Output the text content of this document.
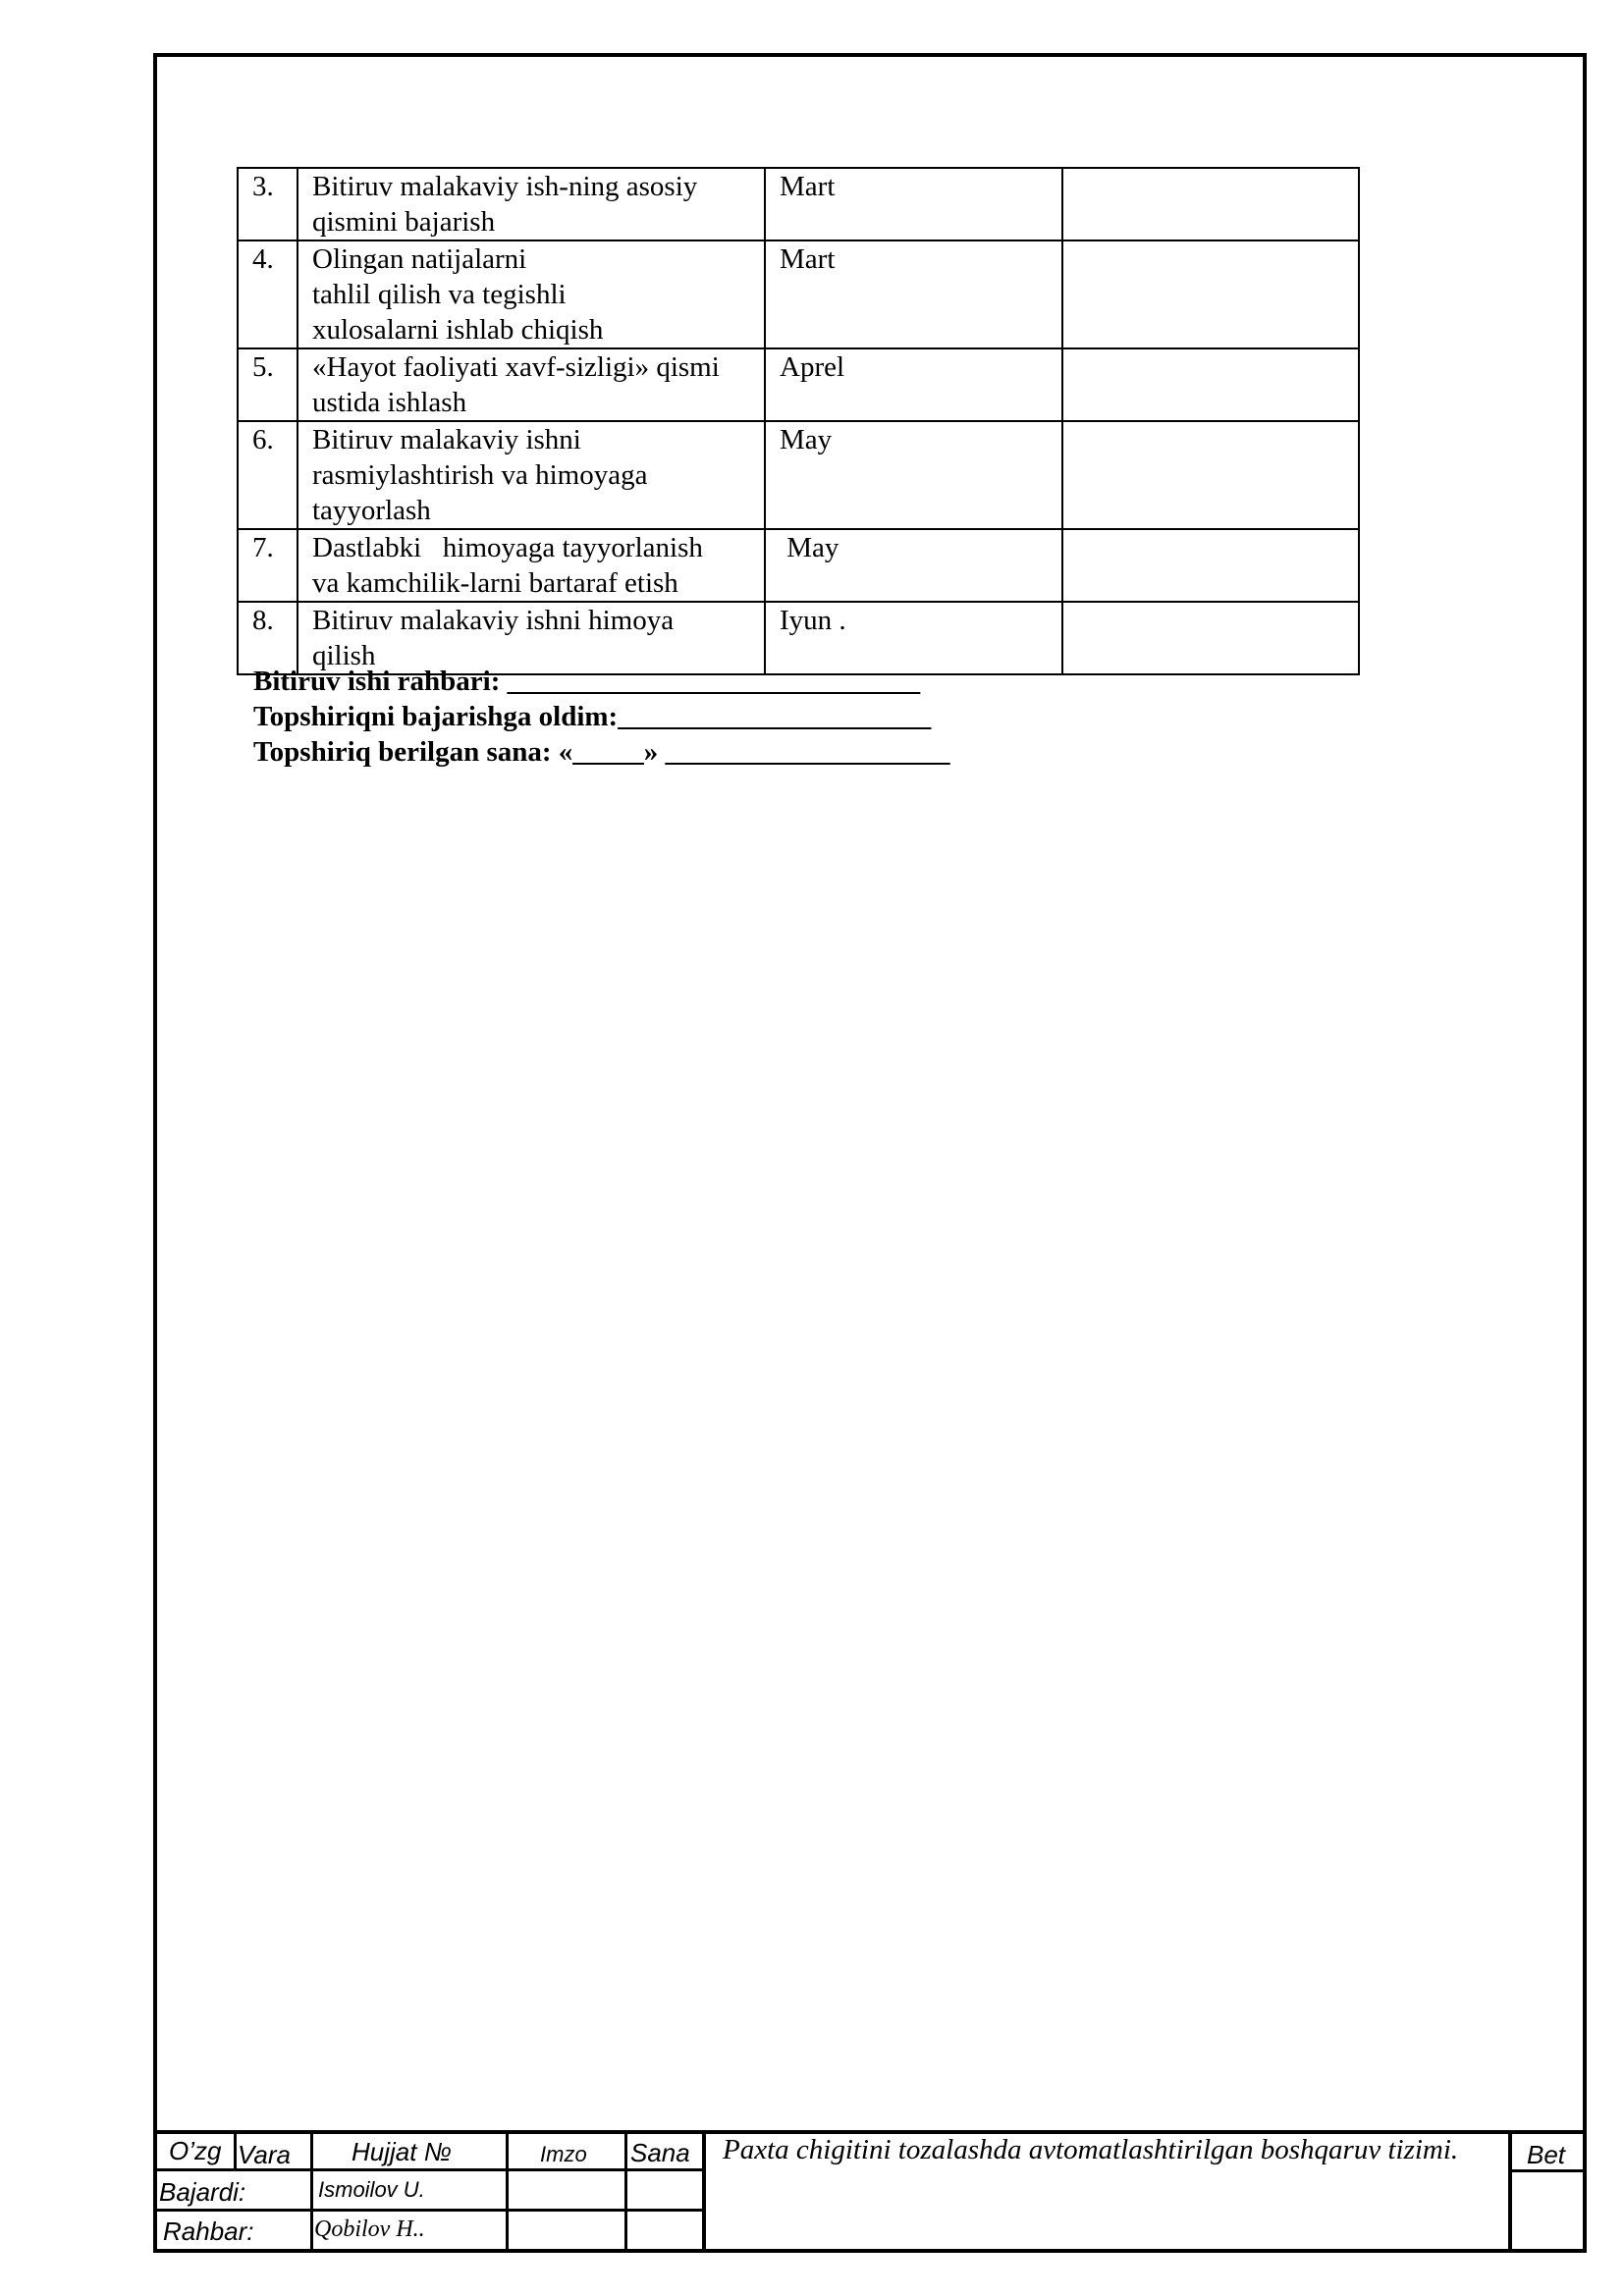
3.	Bitiruv malakaviy ish-ning asosiy
qismini bajarish	Mart	
4.	Olingan natijalarni
tahlil qilish va tegishli
xulosalarni ishlab chiqish	Mart	
5.	«Hayot faoliyati xavf-sizligi» qismi
ustida ishlash	Aprel	
6.	Bitiruv malakaviy ishni
rasmiylashtirish va himoyaga
tayyorlash	May	
7.	Dastlabki   himoyaga tayyorlanish
va kamchilik-larni bartaraf etish	May	
8.	Bitiruv malakaviy ishni himoya
qilish	Iyun .	
Bitiruv ishi rahbari: _____________________________
Topshiriqni bajarishga oldim:______________________
Topshiriq berilgan sana: «_____» ____________________
O’zg Vara Hujjat №	Imzo Sana
Bajardi:	Ismoilov U.
Rahbar:	Qobilov H..
Paxta chigitini tozalashda avtomatlashtirilgan boshqaruv tizimi.	Bet
